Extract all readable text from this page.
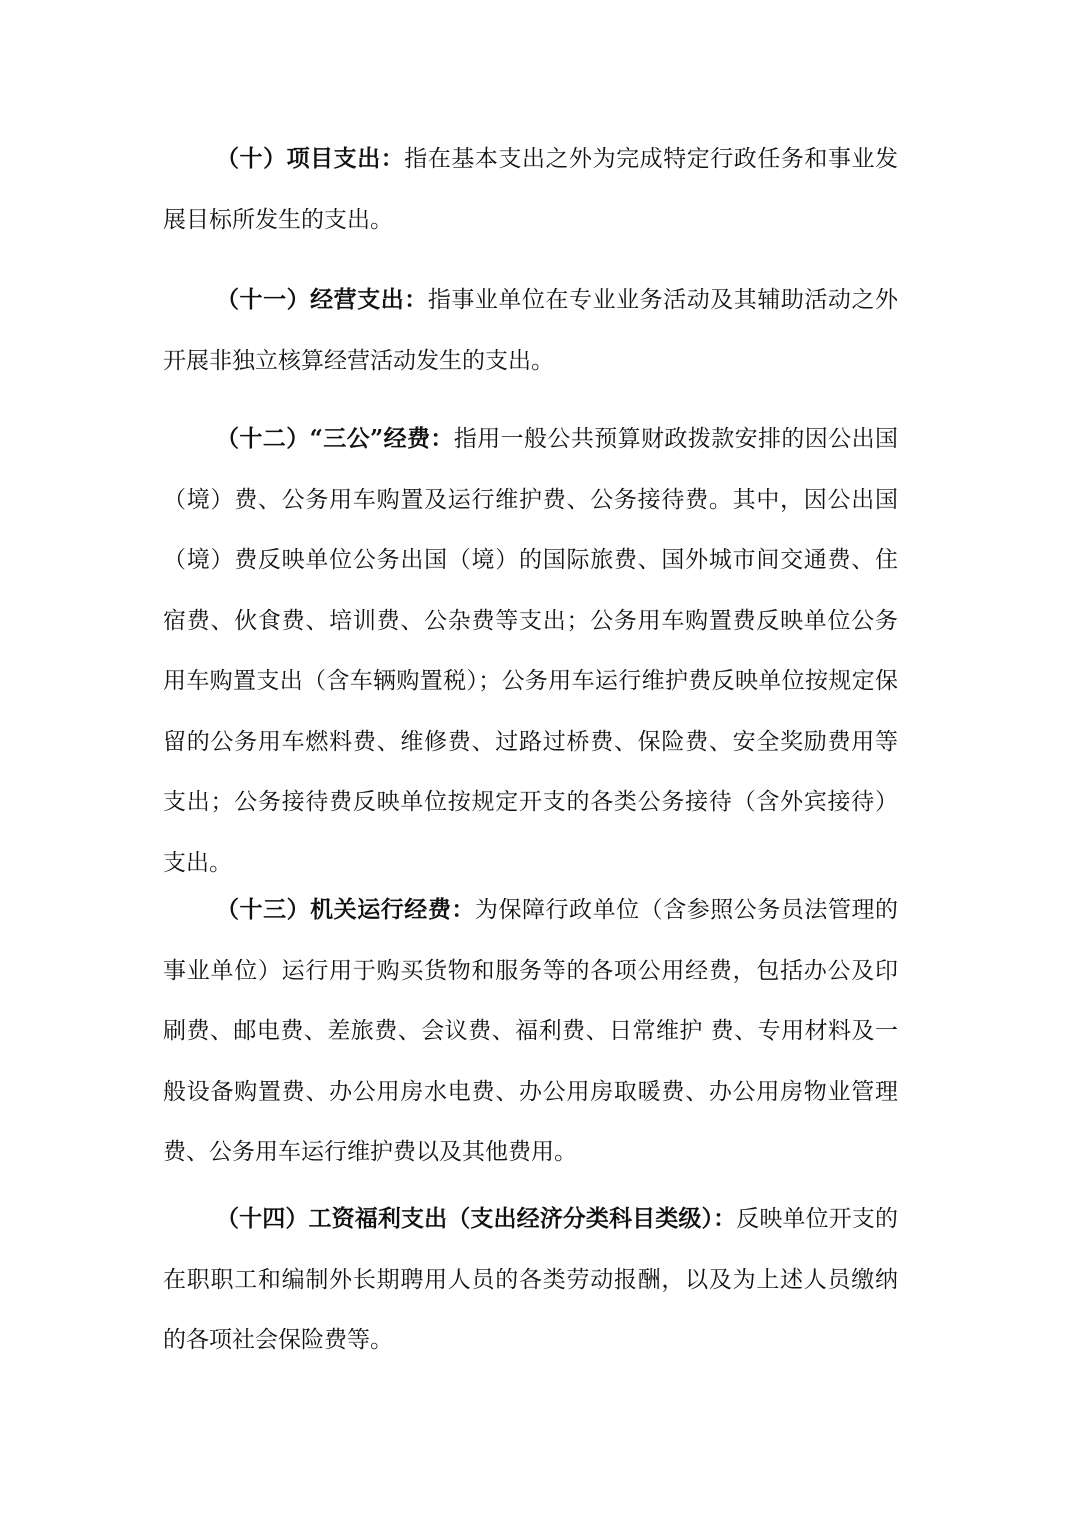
（十）项目支出：指在基本支出之外为完成特定行政任务和事业发展目标所发生的支出。

（十一）经营支出：指事业单位在专业业务活动及其辅助活动之外开展非独立核算经营活动发生的支出。

（十二）“三公”经费：指用一般公共预算财政拨款安排的因公出国（境）费、公务用车购置及运行维护费、公务接待费。其中，因公出国（境）费反映单位公务出国（境）的国际旅费、国外城市间交通费、住宿费、伙食费、培训费、公杂费等支出；公务用车购置费反映单位公务用车购置支出（含车辆购置税）；公务用车运行维护费反映单位按规定保留的公务用车燃料费、维修费、过路过桥费、保险费、安全奖励费用等支出；公务接待费反映单位按规定开支的各类公务接待（含外宾接待）支出。

（十三）机关运行经费：为保障行政单位（含参照公务员法管理的事业单位）运行用于购买货物和服务等的各项公用经费，包括办公及印刷费、邮电费、差旅费、会议费、福利费、日常维护 费、专用材料及一般设备购置费、办公用房水电费、办公用房取暖费、办公用房物业管理费、公务用车运行维护费以及其他费用。

（十四）工资福利支出（支出经济分类科目类级）：反映单位开支的在职职工和编制外长期聘用人员的各类劳动报酬，以及为上述人员缴纳的各项社会保险费等。
